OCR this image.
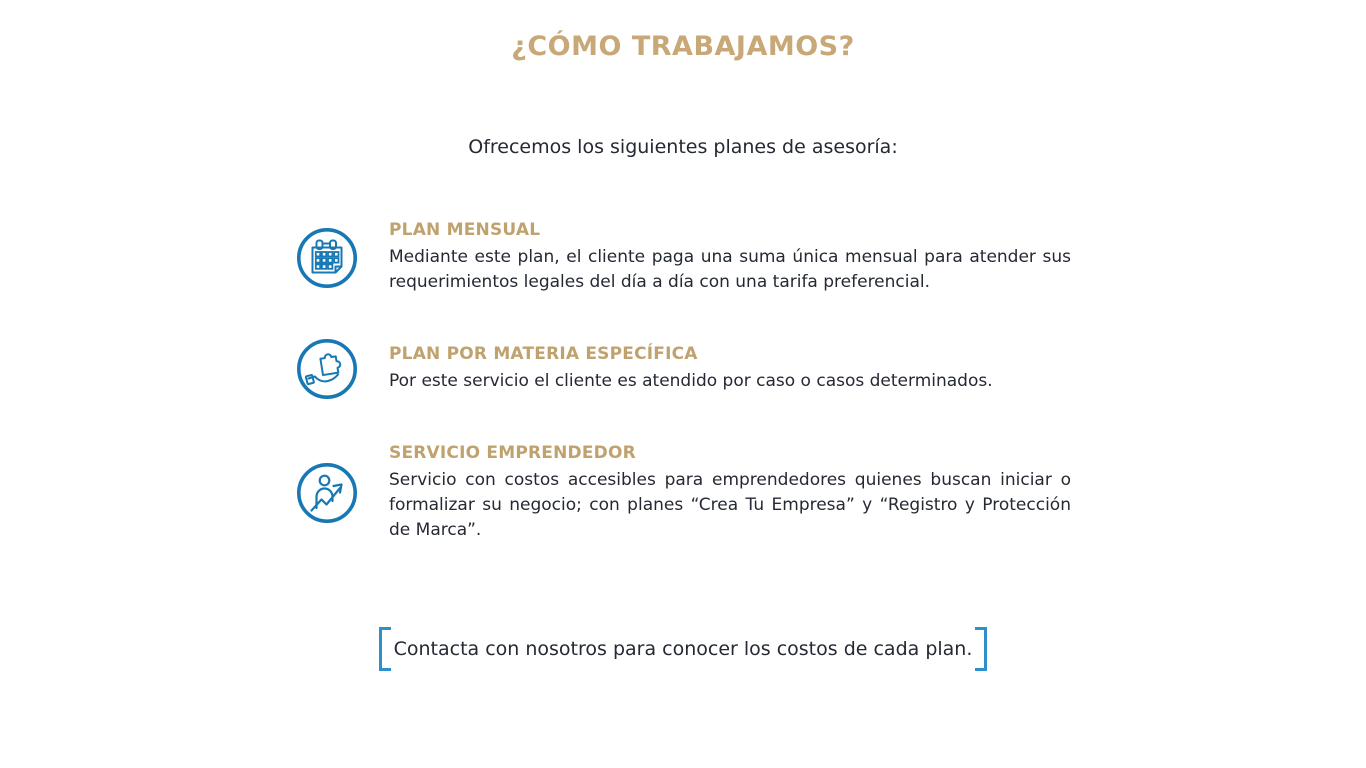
¿CÓMO TRABAJAMOS?
Ofrecemos los siguientes planes de asesoría:
PLAN MENSUAL
Mediante este plan, el cliente paga una suma única mensual para atender sus requerimientos legales del día a día con una tarifa preferencial.
PLAN POR MATERIA ESPECÍFICA
Por este servicio el cliente es atendido por caso o casos determinados.
SERVICIO EMPRENDEDOR
Servicio con costos accesibles para emprendedores quienes buscan iniciar o formalizar su negocio; con planes “Crea Tu Empresa” y “Registro y Protección de Marca”.
Contacta con nosotros para conocer los costos de cada plan.
